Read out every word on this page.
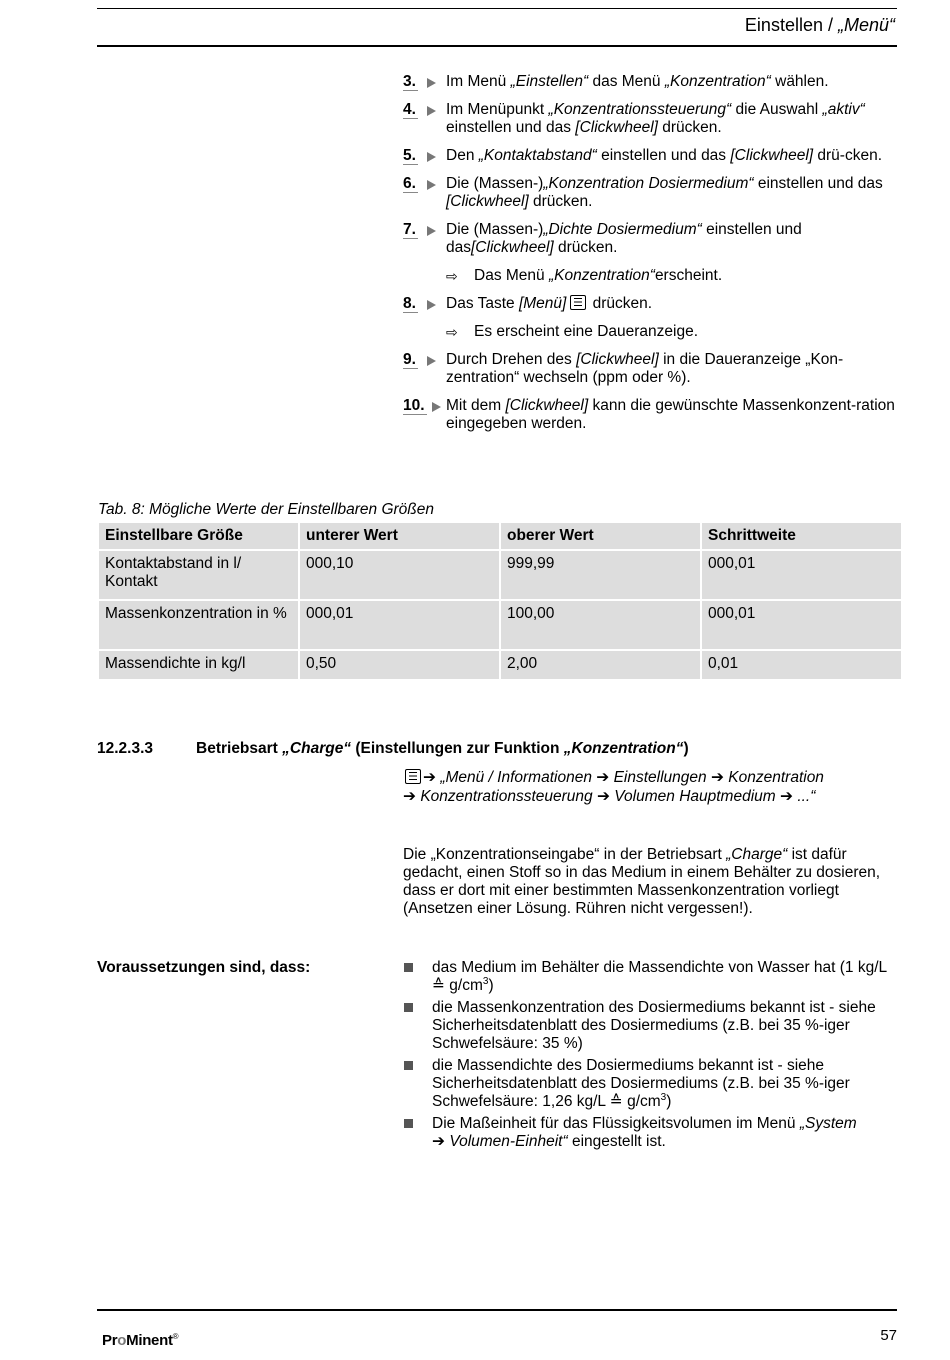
Einstellen / „Menü“
3.	Im Menü „Einstellen“ das Menü „Konzentration“ wählen.
4.	Im Menüpunkt „Konzentrationssteuerung“ die Auswahl „aktiv“ einstellen und das [Clickwheel] drücken.
5.	Den „Kontaktabstand“ einstellen und das [Clickwheel] drü-cken.
6.	Die (Massen-)„Konzentration Dosiermedium“ einstellen und das [Clickwheel] drücken.
7.	Die (Massen-)„Dichte Dosiermedium“ einstellen und das[Clickwheel] drücken.
⇨ Das Menü „Konzentration“erscheint.
8.	Das Taste [Menü] drücken.
⇨ Es erscheint eine Daueranzeige.
9.	Durch Drehen des [Clickwheel] in die Daueranzeige „Kon-zentration“ wechseln (ppm oder %).
10.	Mit dem [Clickwheel] kann die gewünschte Massenkonzent-ration eingegeben werden.
Tab. 8: Mögliche Werte der Einstellbaren Größen
Einstellbare Größe	unterer Wert	oberer Wert	Schrittweite
Kontaktabstand in l/ Kontakt	000,10	999,99	000,01
Massenkonzentration in %	000,01	100,00	000,01
Massendichte in kg/l	0,50	2,00	0,01
12.2.3.3	Betriebsart „Charge“ (Einstellungen zur Funktion „Konzentration“)
➔ „Menü / Informationen ➔ Einstellungen ➔ Konzentration
➔ Konzentrationssteuerung ➔ Volumen Hauptmedium ➔ ...“
Die „Konzentrationseingabe“ in der Betriebsart „Charge“ ist dafür gedacht, einen Stoff so in das Medium in einem Behälter zu dosieren, dass er dort mit einer bestimmten Massenkonzentration vorliegt (Ansetzen einer Lösung. Rühren nicht vergessen!).
Voraussetzungen sind, dass:	das Medium im Behälter die Massendichte von Wasser hat (1 kg/L ≙ $g/cm^3$)
die Massenkonzentration des Dosiermediums bekannt ist - siehe Sicherheitsdatenblatt des Dosiermediums (z.B. bei 35 %-iger Schwefelsäure: 35 %)
die Massendichte des Dosiermediums bekannt ist - siehe Sicherheitsdatenblatt des Dosiermediums (z.B. bei 35 %-iger Schwefelsäure: 1,26 kg/L ≙ $g/cm^3$)
Die Maßeinheit für das Flüssigkeitsvolumen im Menü „System
➔ Volumen-Einheit“ eingestellt ist.
ProMinent®	57
